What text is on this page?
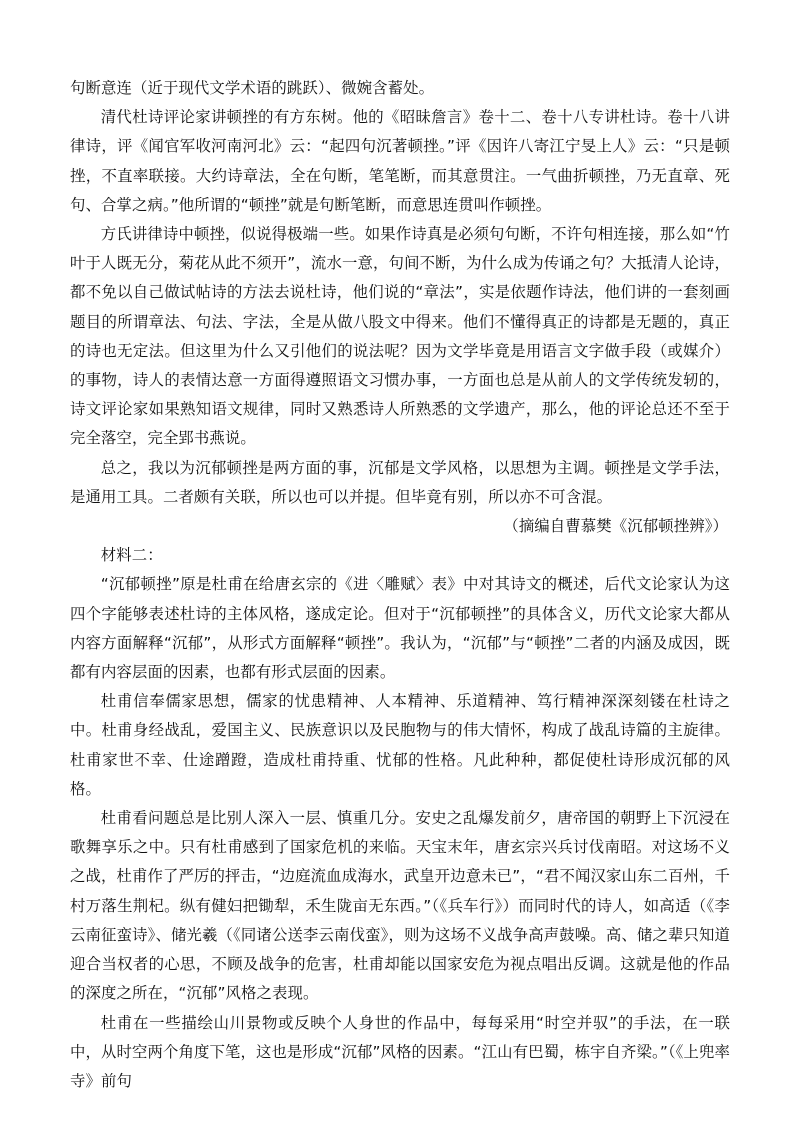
句断意连（近于现代文学术语的跳跃）、微婉含蓄处。

清代杜诗评论家讲顿挫的有方东树。他的《昭昧詹言》卷十二、卷十八专讲杜诗。卷十八讲律诗，评《闻官军收河南河北》云：“起四句沉著顿挫。”评《因许八寄江宁旻上人》云：“只是顿挫，不直率联接。大约诗章法，全在句断，笔笔断，而其意贯注。一气曲折顿挫，乃无直章、死句、合掌之病。”他所谓的“顿挫”就是句断笔断，而意思连贯叫作顿挫。

方氏讲律诗中顿挫，似说得极端一些。如果作诗真是必须句句断，不许句相连接，那么如“竹叶于人既无分，菊花从此不须开”，流水一意，句间不断，为什么成为传诵之句？大抵清人论诗，都不免以自己做试帖诗的方法去说杜诗，他们说的“章法”，实是依题作诗法，他们讲的一套刻画题目的所谓章法、句法、字法，全是从做八股文中得来。他们不懂得真正的诗都是无题的，真正的诗也无定法。但这里为什么又引他们的说法呢？因为文学毕竟是用语言文字做手段（或媒介）的事物，诗人的表情达意一方面得遵照语文习惯办事，一方面也总是从前人的文学传统发轫的，诗文评论家如果熟知语文规律，同时又熟悉诗人所熟悉的文学遗产，那么，他的评论总还不至于完全落空，完全郢书燕说。

总之，我以为沉郁顿挫是两方面的事，沉郁是文学风格，以思想为主调。顿挫是文学手法，是通用工具。二者颇有关联，所以也可以并提。但毕竟有别，所以亦不可含混。

（摘编自曹慕樊《沉郁顿挫辨》）

材料二：

“沉郁顿挫”原是杜甫在给唐玄宗的《进〈雕赋〉表》中对其诗文的概述，后代文论家认为这四个字能够表述杜诗的主体风格，遂成定论。但对于“沉郁顿挫”的具体含义，历代文论家大都从内容方面解释“沉郁”，从形式方面解释“顿挫”。我认为，“沉郁”与“顿挫”二者的内涵及成因，既都有内容层面的因素，也都有形式层面的因素。

杜甫信奉儒家思想，儒家的忧患精神、人本精神、乐道精神、笃行精神深深刻镂在杜诗之中。杜甫身经战乱，爱国主义、民族意识以及民胞物与的伟大情怀，构成了战乱诗篇的主旋律。杜甫家世不幸、仕途蹭蹬，造成杜甫持重、忧郁的性格。凡此种种，都促使杜诗形成沉郁的风格。

杜甫看问题总是比别人深入一层、慎重几分。安史之乱爆发前夕，唐帝国的朝野上下沉浸在歌舞享乐之中。只有杜甫感到了国家危机的来临。天宝末年，唐玄宗兴兵讨伐南昭。对这场不义之战，杜甫作了严厉的抨击，“边庭流血成海水，武皇开边意未已”，“君不闻汉家山东二百州，千村万落生荆杞。纵有健妇把锄犁，禾生陇亩无东西。”（《兵车行》）而同时代的诗人，如高适（《李云南征蛮诗》、储光羲（《同诸公送李云南伐蛮》，则为这场不义战争高声鼓噪。高、储之辈只知道迎合当权者的心思，不顾及战争的危害，杜甫却能以国家安危为视点唱出反调。这就是他的作品的深度之所在，“沉郁”风格之表现。

杜甫在一些描绘山川景物或反映个人身世的作品中，每每采用“时空并驭”的手法，在一联中，从时空两个角度下笔，这也是形成“沉郁”风格的因素。“江山有巴蜀，栋宇自齐梁。”（《上兜率寺》前句
